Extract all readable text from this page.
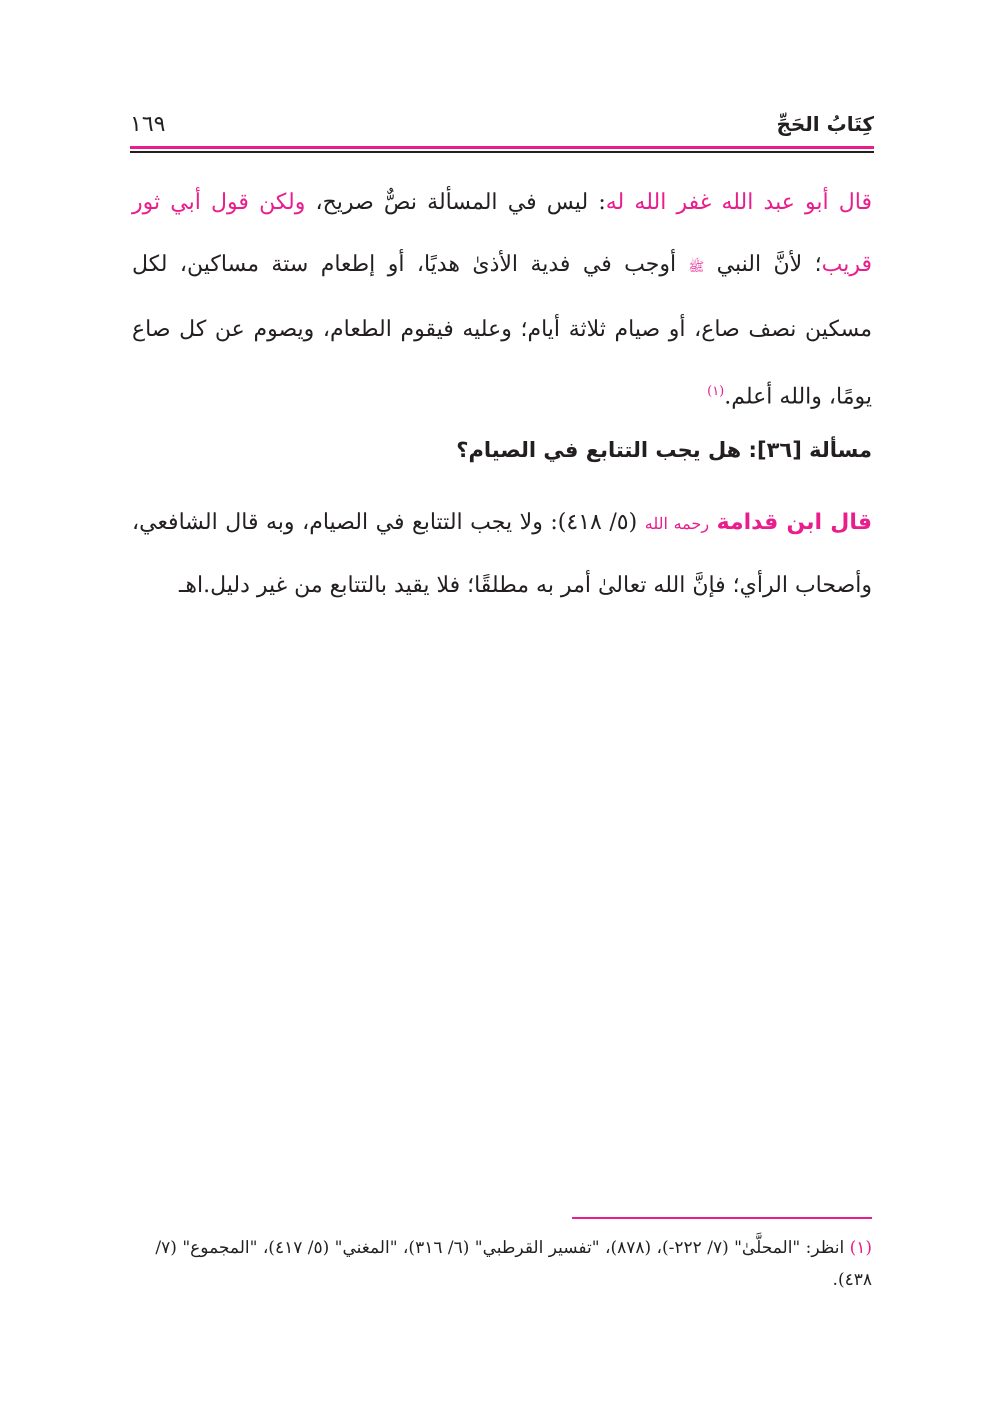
كِتَابُ الحَجِّ
١٦٩

قال أبو عبد الله غفر الله له: ليس في المسألة نصٌّ صريح، ولكن قول أبي ثور قريب؛ لأنَّ النبي ﷺ أوجب في فدية الأذىٰ هديًا، أو إطعام ستة مساكين، لكل مسكين نصف صاع، أو صيام ثلاثة أيام؛ وعليه فيقوم الطعام، ويصوم عن كل صاع يومًا، والله أعلم.$^{(١)}$

مسألة [٣٦]: هل يجب التتابع في الصيام؟

قال ابن قدامة رحمه الله (٥/ ٤١٨): ولا يجب التتابع في الصيام، وبه قال الشافعي، وأصحاب الرأي؛ فإنَّ الله تعالىٰ أمر به مطلقًا؛ فلا يقيد بالتتابع من غير دليل.اهـ

(١) انظر: "المحلَّىٰ" (٧/ ٢٢٢-)، (٨٧٨)، "تفسير القرطبي" (٦/ ٣١٦)، "المغني" (٥/ ٤١٧)، "المجموع" (٧/ ٤٣٨).
